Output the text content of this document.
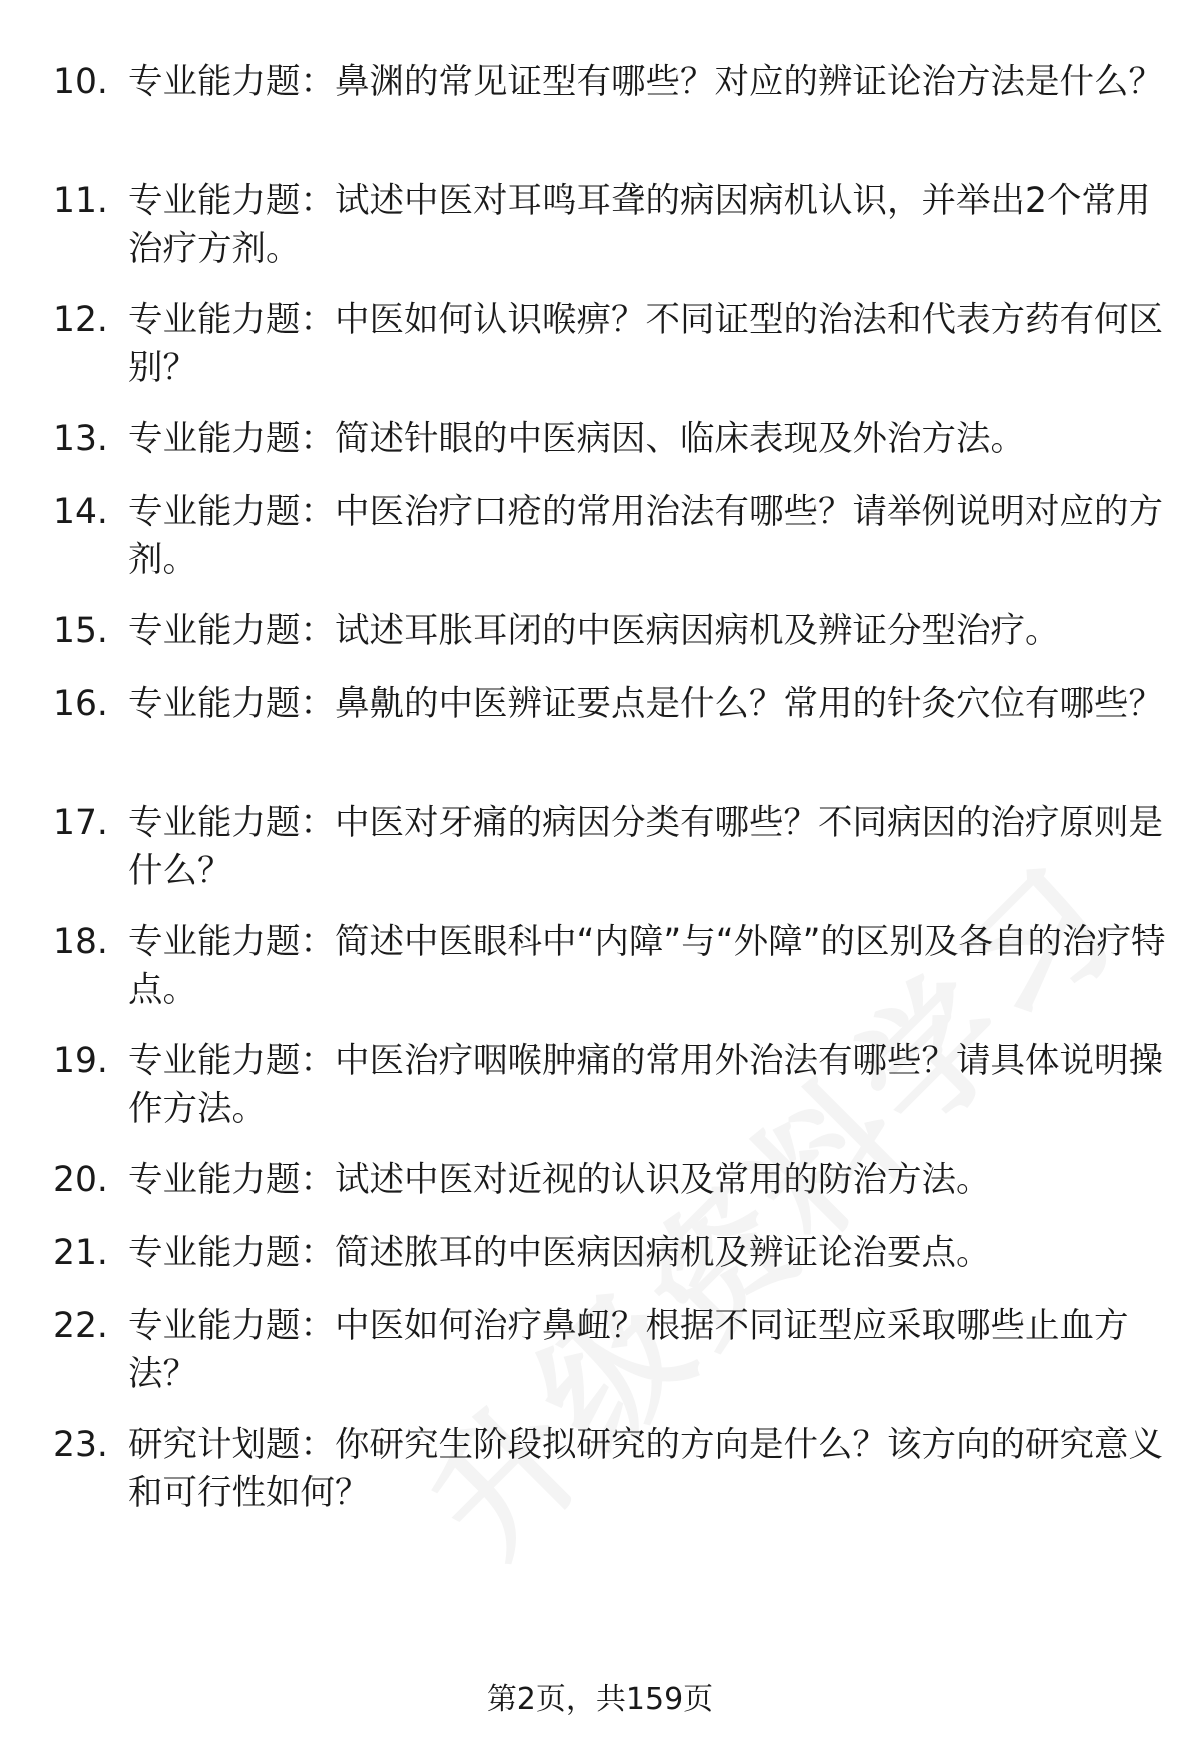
10. 专业能力题：鼻渊的常见证型有哪些？对应的辨证论治方法是什么？
11. 专业能力题：试述中医对耳鸣耳聋的病因病机认识，并举出2个常用治疗方剂。
12. 专业能力题：中医如何认识喉痹？不同证型的治法和代表方药有何区别？
13. 专业能力题：简述针眼的中医病因、临床表现及外治方法。
14. 专业能力题：中医治疗口疮的常用治法有哪些？请举例说明对应的方剂。
15. 专业能力题：试述耳胀耳闭的中医病因病机及辨证分型治疗。
16. 专业能力题：鼻鼽的中医辨证要点是什么？常用的针灸穴位有哪些？
17. 专业能力题：中医对牙痛的病因分类有哪些？不同病因的治疗原则是什么？
18. 专业能力题：简述中医眼科中“内障”与“外障”的区别及各自的治疗特点。
19. 专业能力题：中医治疗咽喉肿痛的常用外治法有哪些？请具体说明操作方法。
20. 专业能力题：试述中医对近视的认识及常用的防治方法。
21. 专业能力题：简述脓耳的中医病因病机及辨证论治要点。
22. 专业能力题：中医如何治疗鼻衄？根据不同证型应采取哪些止血方法？
23. 研究计划题：你研究生阶段拟研究的方向是什么？该方向的研究意义和可行性如何？
第2页，共159页
